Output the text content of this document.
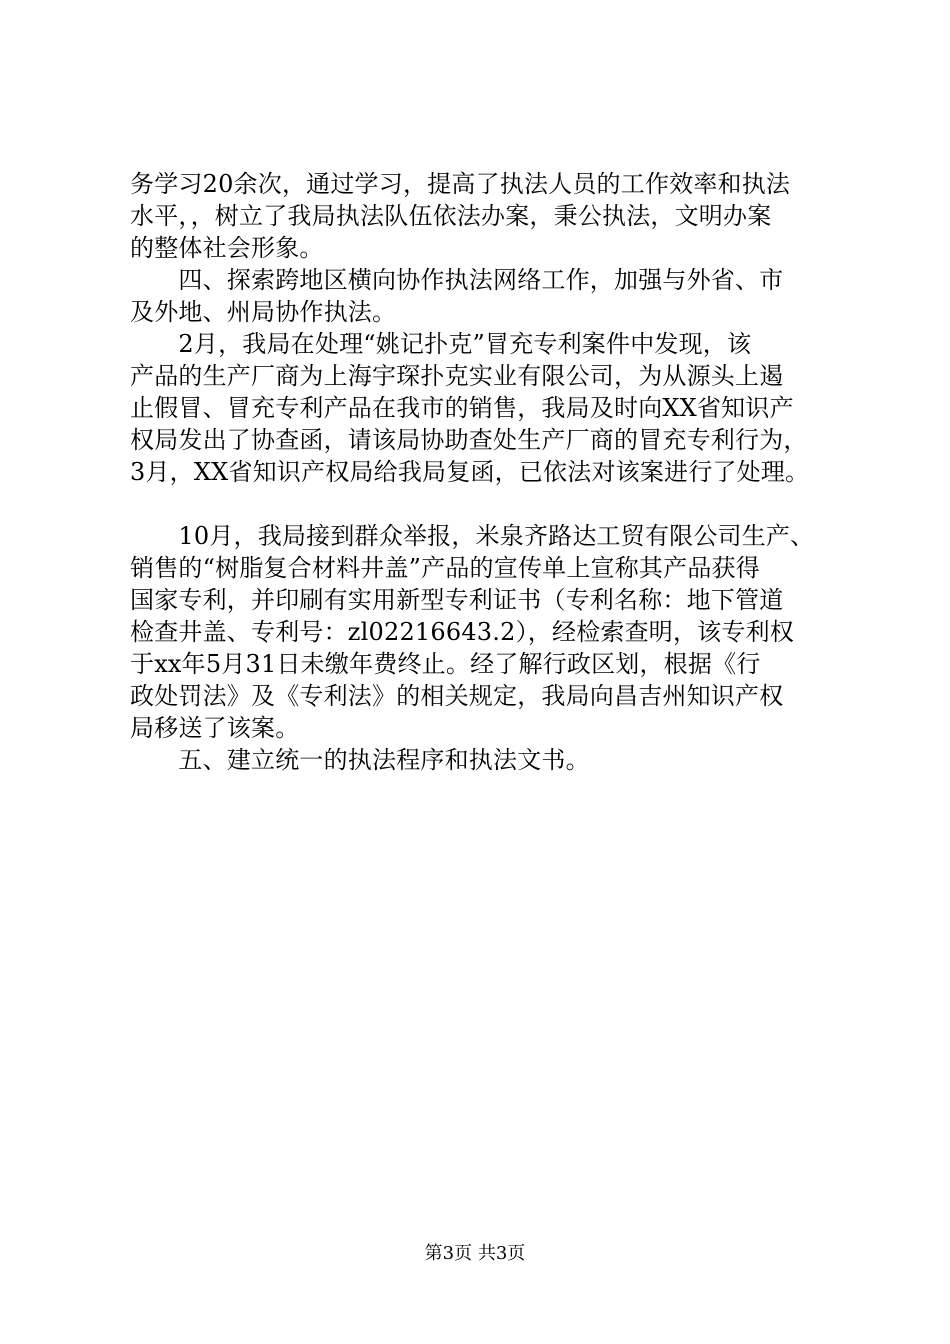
务学习20余次，通过学习，提高了执法人员的工作效率和执法
水平，，树立了我局执法队伍依法办案，秉公执法，文明办案
的整体社会形象。
　　四、探索跨地区横向协作执法网络工作，加强与外省、市
及外地、州局协作执法。
　　2月，我局在处理“姚记扑克”冒充专利案件中发现，该
产品的生产厂商为上海宇琛扑克实业有限公司，为从源头上遏
止假冒、冒充专利产品在我市的销售，我局及时向XX省知识产
权局发出了协查函，请该局协助查处生产厂商的冒充专利行为，
3月，XX省知识产权局给我局复函，已依法对该案进行了处理。
　　10月，我局接到群众举报，米泉齐路达工贸有限公司生产、
销售的“树脂复合材料井盖”产品的宣传单上宣称其产品获得
国家专利，并印刷有实用新型专利证书（专利名称：地下管道
检查井盖、专利号：zl02216643.2），经检索查明，该专利权
于xx年5月31日未缴年费终止。经了解行政区划，根据《行
政处罚法》及《专利法》的相关规定，我局向昌吉州知识产权
局移送了该案。
　　五、建立统一的执法程序和执法文书。
第3页 共3页
